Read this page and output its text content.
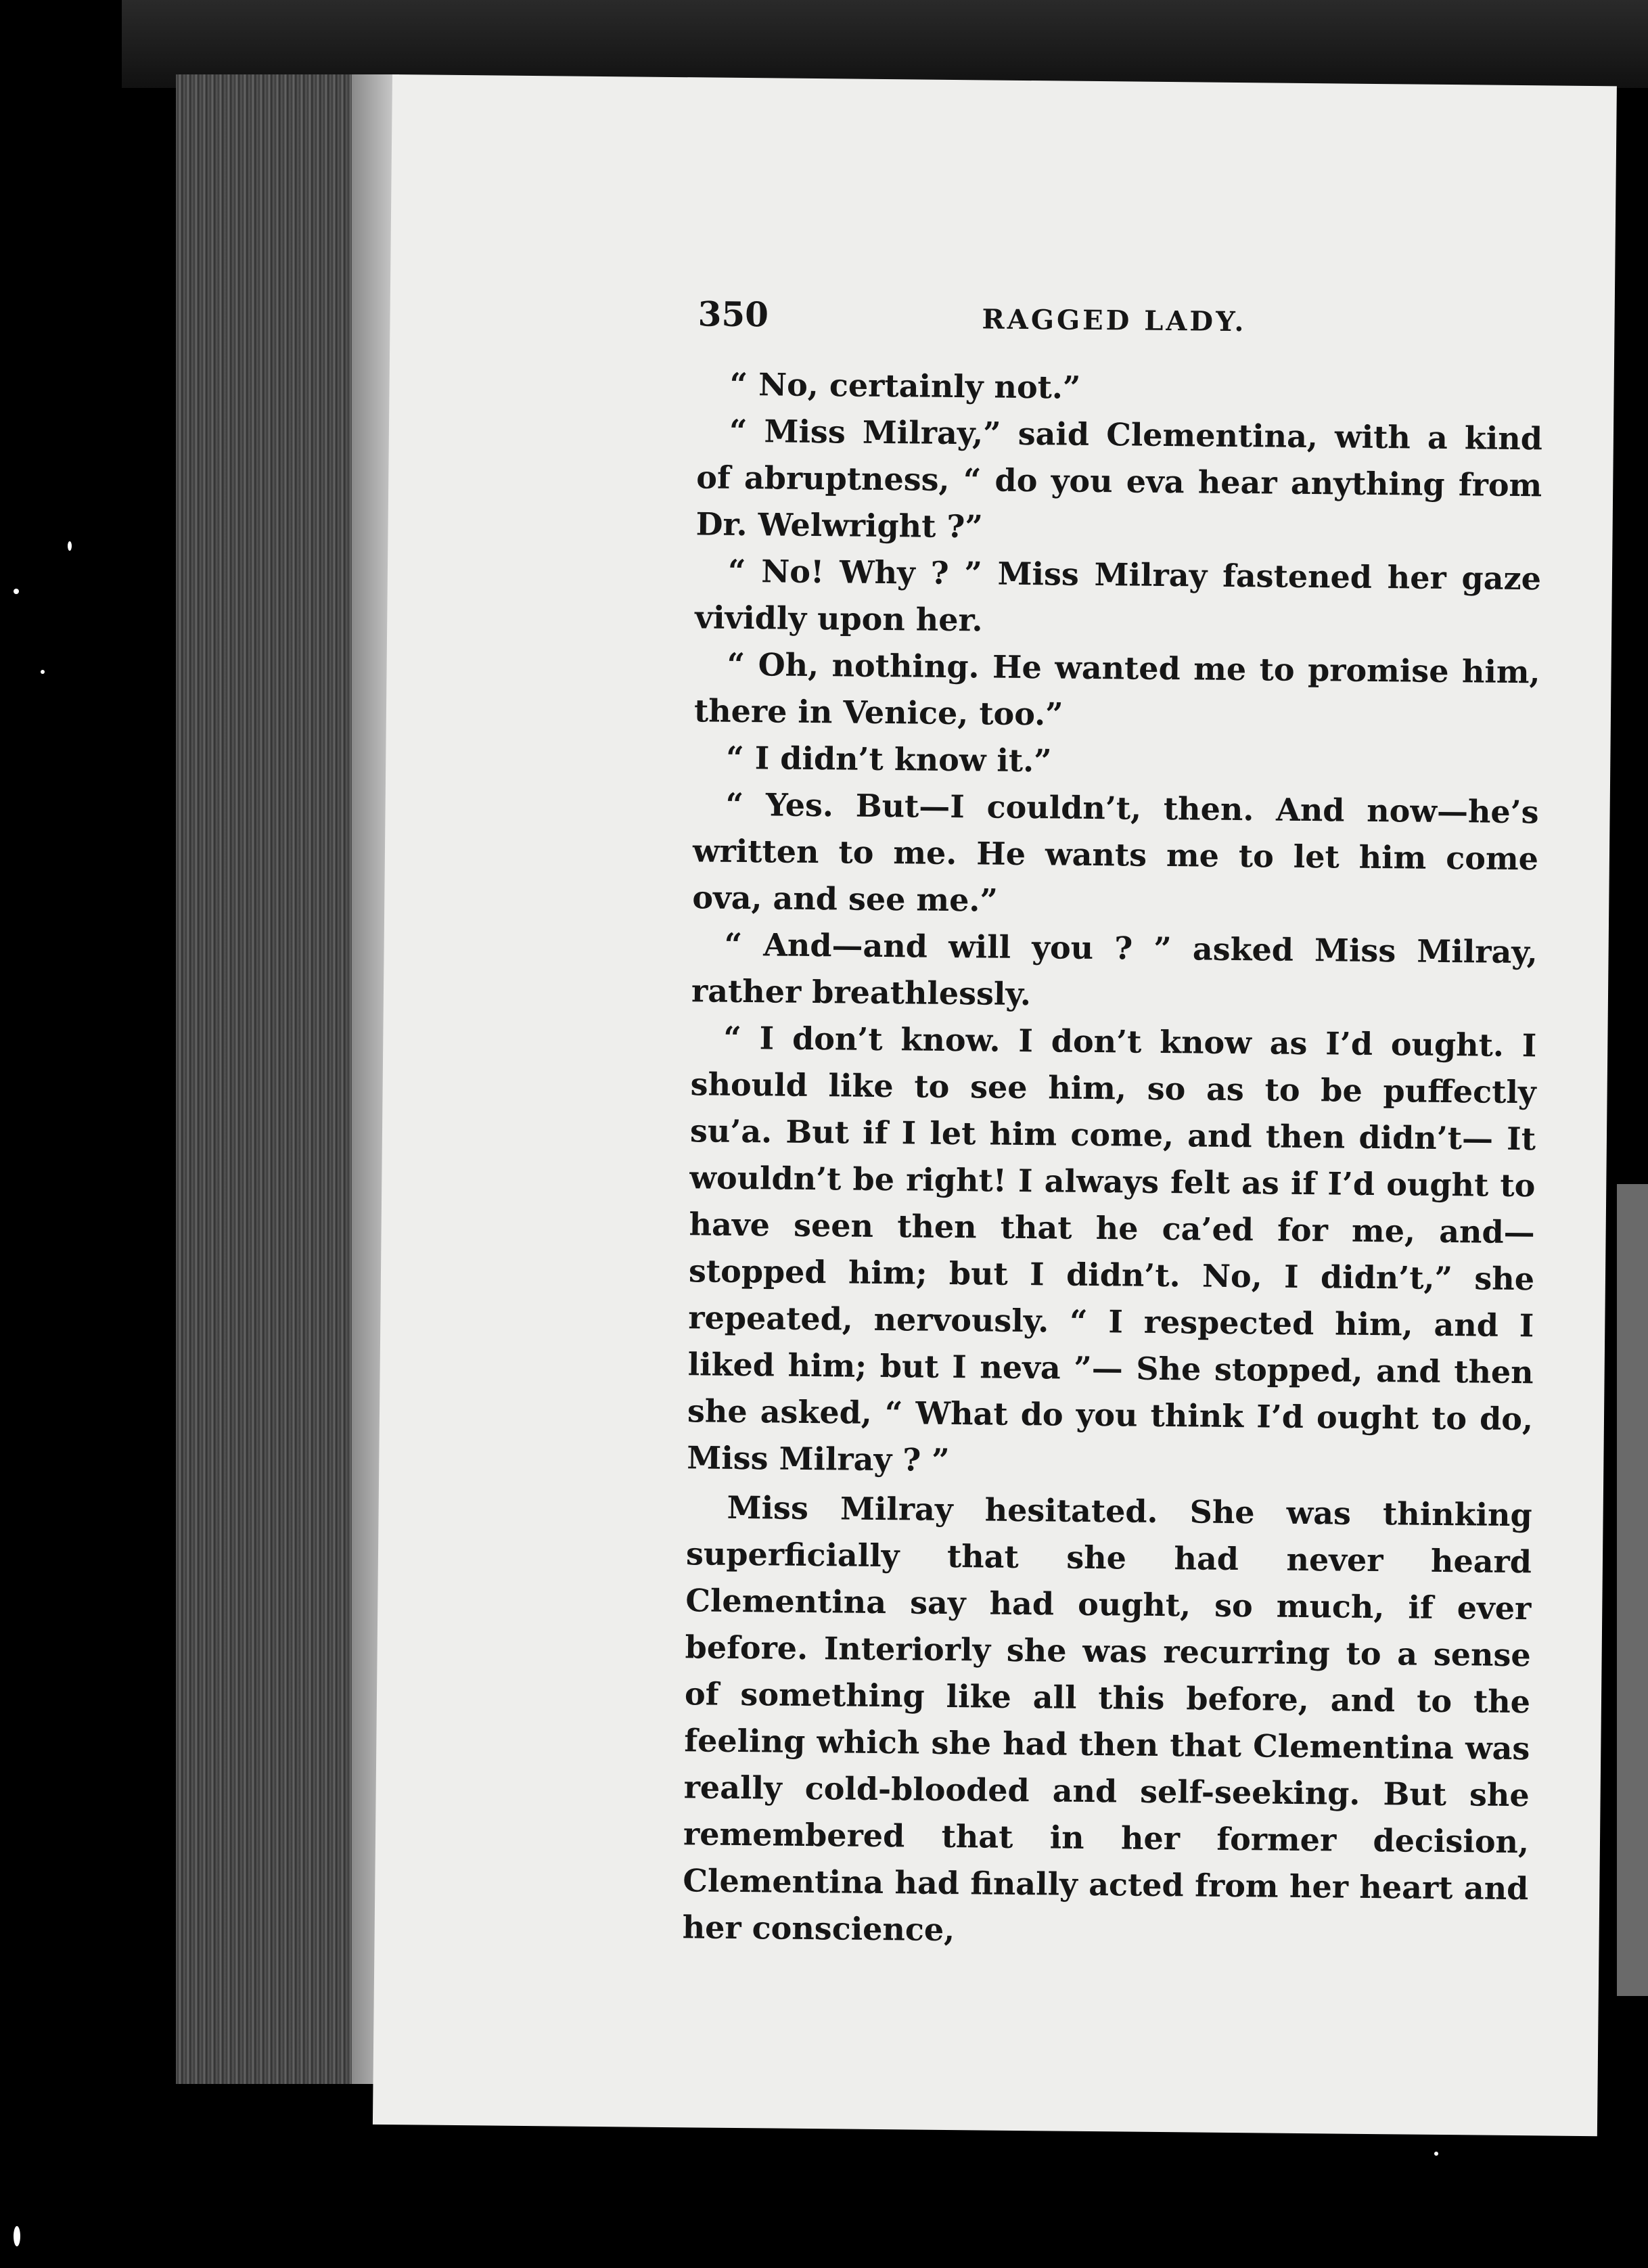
350	RAGGED LADY.

“ No, certainly not.”

“ Miss Milray,” said Clementina, with a kind of abruptness, “ do you eva hear anything from Dr. Welwright ?”

“ No! Why ? ” Miss Milray fastened her gaze vividly upon her.

“ Oh, nothing. He wanted me to promise him, there in Venice, too.”

“ I didn’t know it.”

“ Yes. But—I couldn’t, then. And now—he’s written to me. He wants me to let him come ova, and see me.”

“ And—and will you ? ” asked Miss Milray, rather breathlessly.

“ I don’t know. I don’t know as I’d ought. I should like to see him, so as to be puffectly su’a. But if I let him come, and then didn’t— It wouldn’t be right! I always felt as if I’d ought to have seen then that he ca’ed for me, and—stopped him; but I didn’t. No, I didn’t,” she repeated, nervously. “ I respected him, and I liked him; but I neva ”— She stopped, and then she asked, “ What do you think I’d ought to do, Miss Milray ? ”

Miss Milray hesitated. She was thinking superficially that she had never heard Clementina say had ought, so much, if ever before. Interiorly she was recurring to a sense of something like all this before, and to the feeling which she had then that Clementina was really cold-blooded and self-seeking. But she remembered that in her former decision, Clementina had finally acted from her heart and her conscience,
